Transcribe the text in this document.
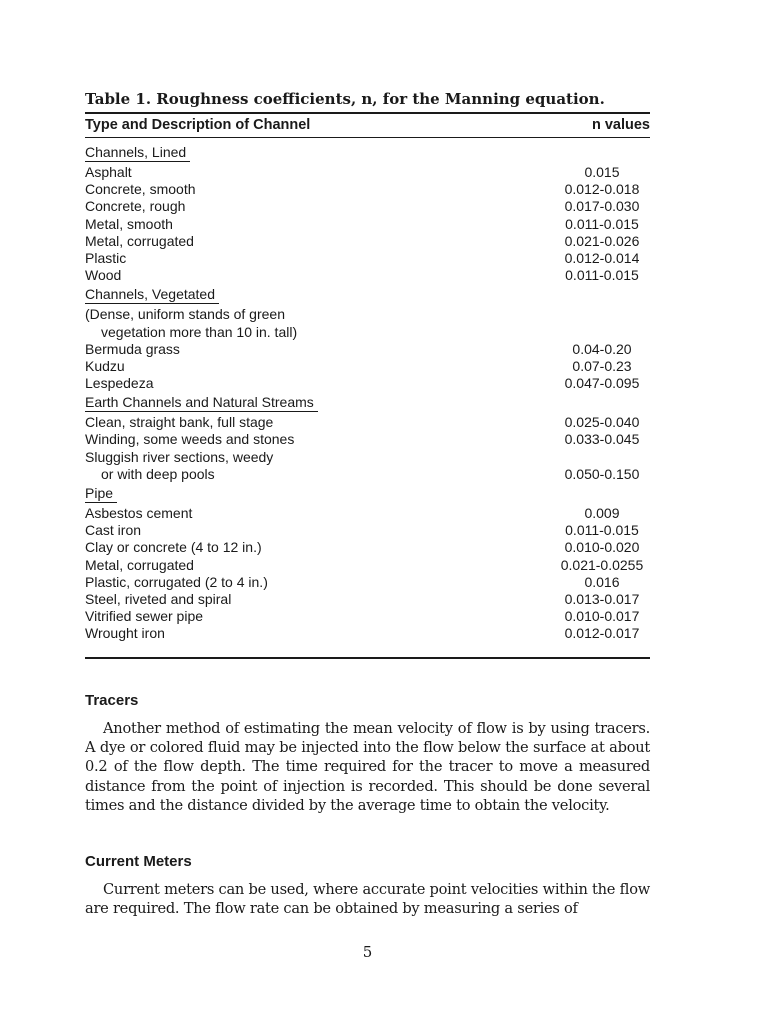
Table 1. Roughness coefficients, n, for the Manning equation.
Type and Description of Channel	n values
Channels, Lined
Asphalt	0.015
Concrete, smooth	0.012-0.018
Concrete, rough	0.017-0.030
Metal, smooth	0.011-0.015
Metal, corrugated	0.021-0.026
Plastic	0.012-0.014
Wood	0.011-0.015
Channels, Vegetated
(Dense, uniform stands of green
vegetation more than 10 in. tall)
Bermuda grass	0.04-0.20
Kudzu	0.07-0.23
Lespedeza	0.047-0.095
Earth Channels and Natural Streams
Clean, straight bank, full stage	0.025-0.040
Winding, some weeds and stones	0.033-0.045
Sluggish river sections, weedy
or with deep pools	0.050-0.150
Pipe
Asbestos cement	0.009
Cast iron	0.011-0.015
Clay or concrete (4 to 12 in.)	0.010-0.020
Metal, corrugated	0.021-0.0255
Plastic, corrugated (2 to 4 in.)	0.016
Steel, riveted and spiral	0.013-0.017
Vitrified sewer pipe	0.010-0.017
Wrought iron	0.012-0.017
Tracers
Another method of estimating the mean velocity of flow is by using tracers. A dye or colored fluid may be injected into the flow below the surface at about 0.2 of the flow depth. The time required for the tracer to move a measured distance from the point of injection is recorded. This should be done several times and the distance divided by the average time to obtain the velocity.
Current Meters
Current meters can be used, where accurate point velocities within the flow are required. The flow rate can be obtained by measuring a series of
5
